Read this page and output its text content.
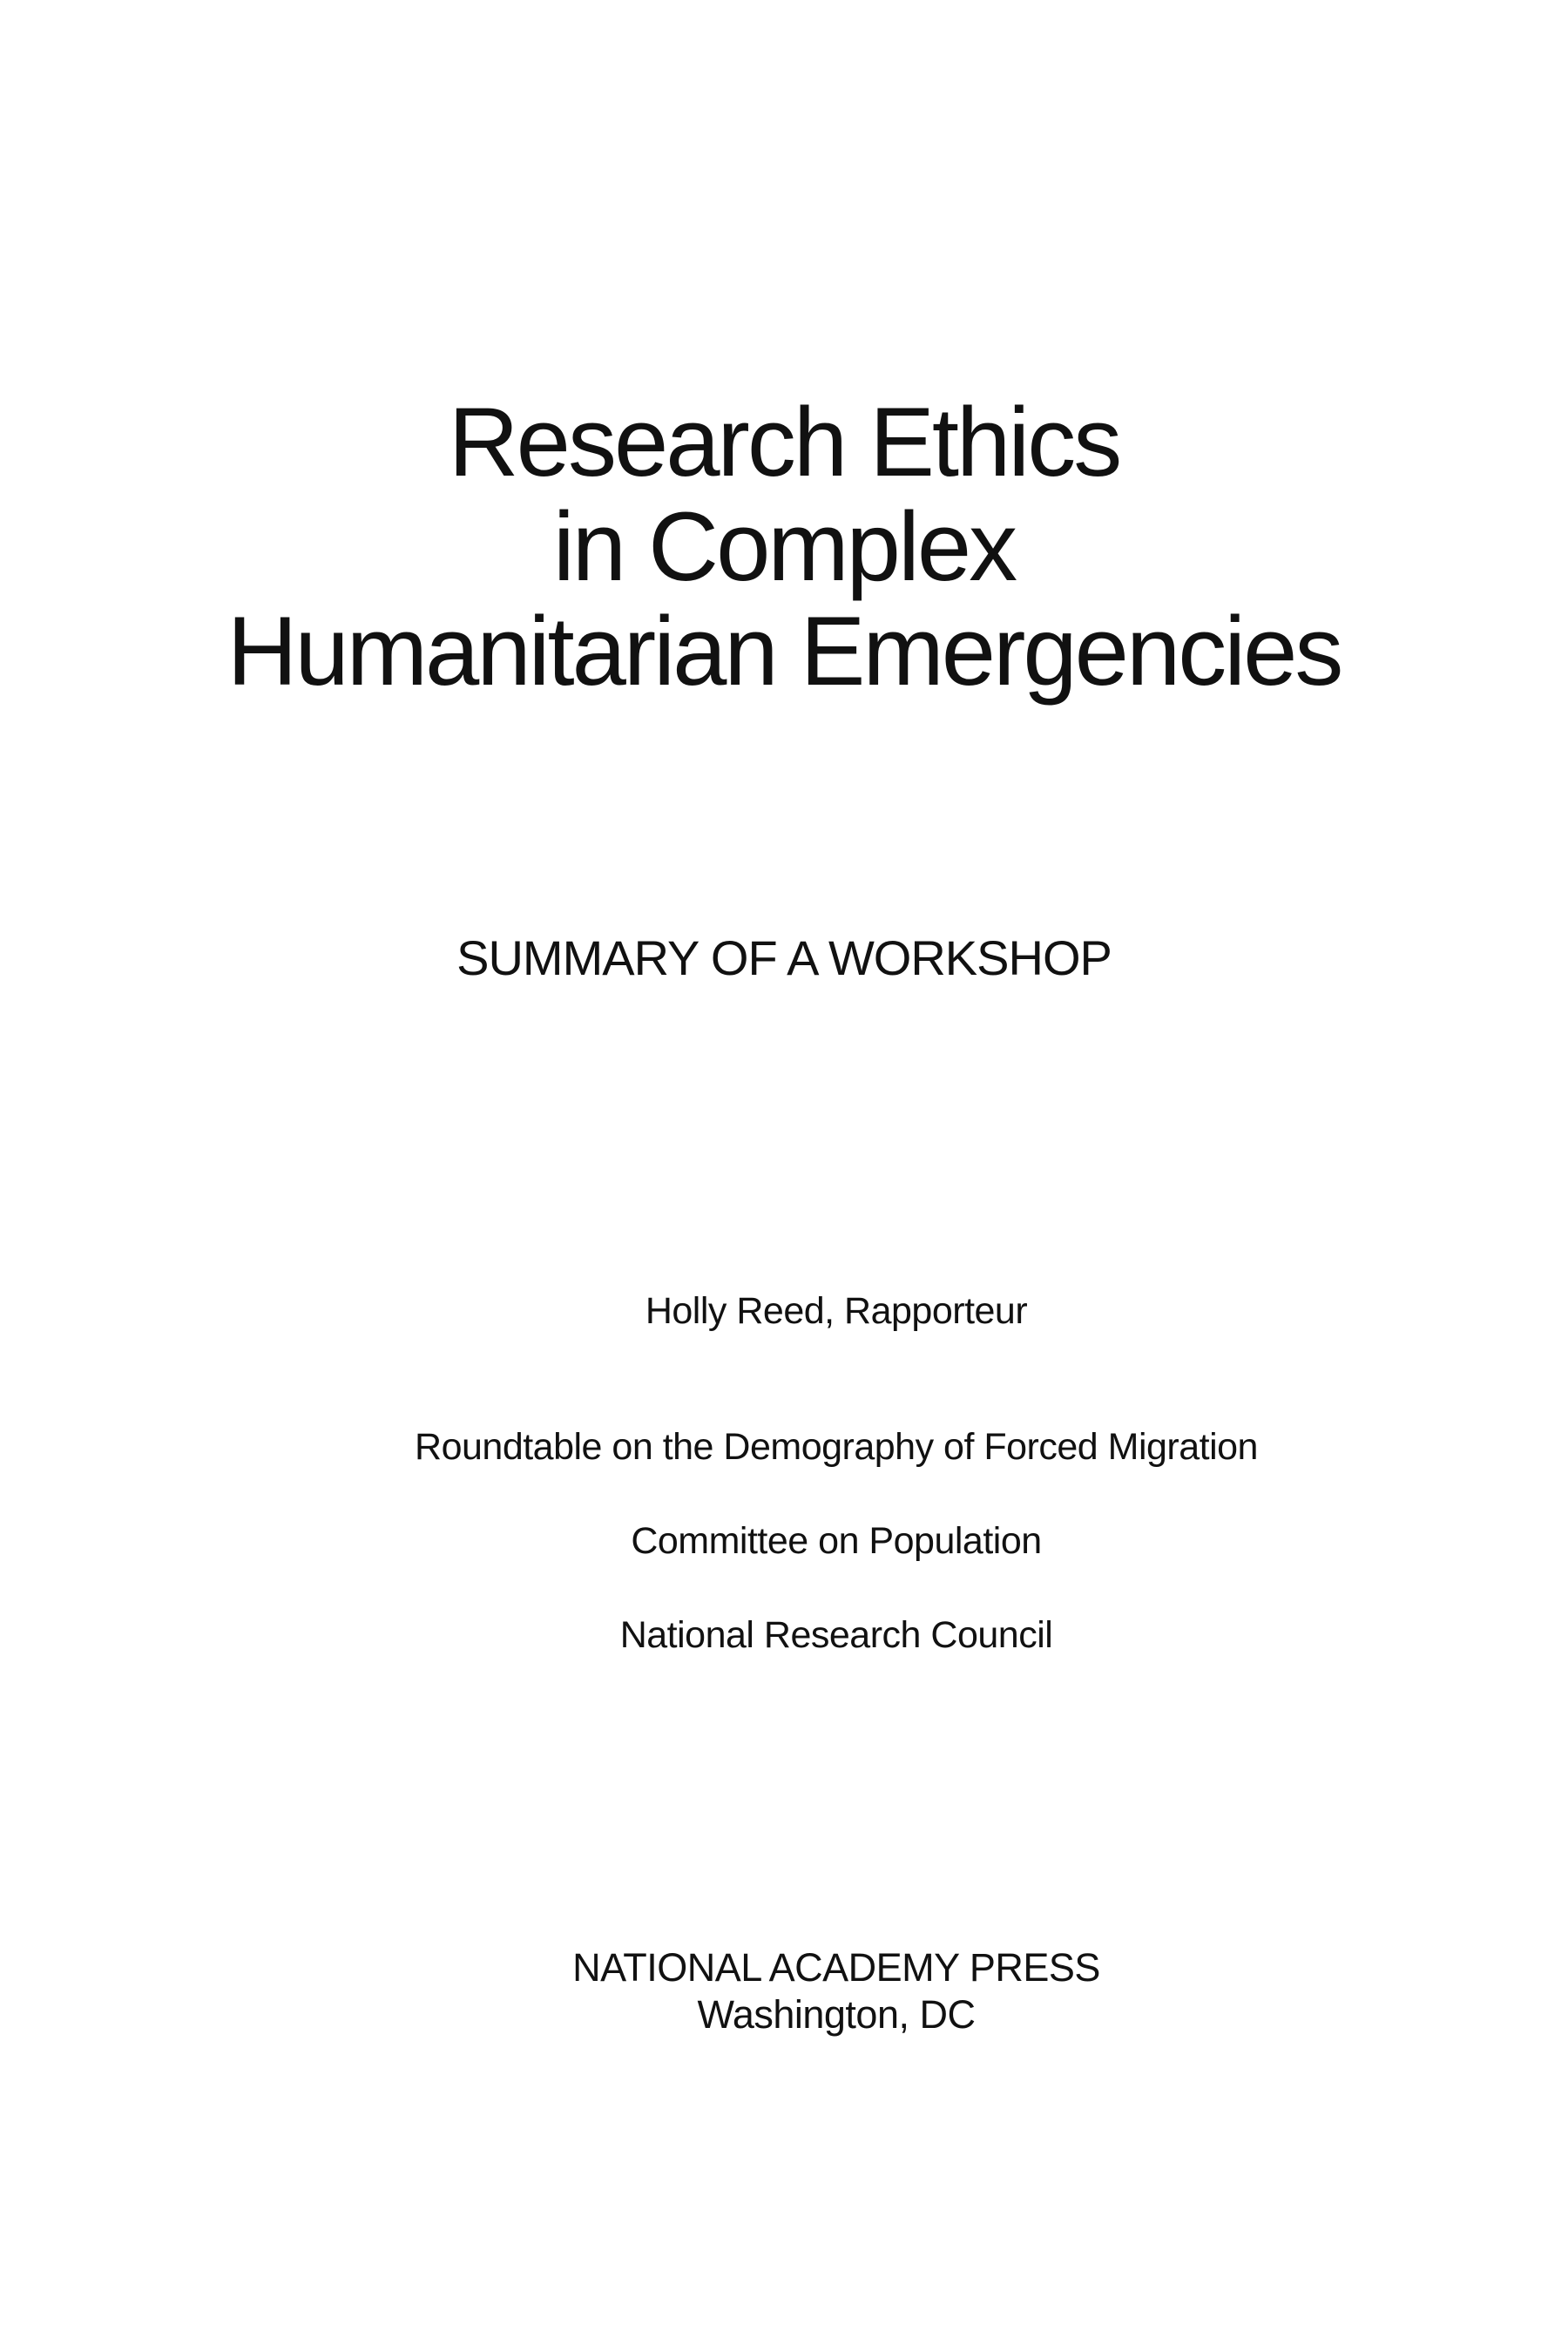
Research Ethics
in Complex
Humanitarian Emergencies
SUMMARY OF A WORKSHOP
Holly Reed, Rapporteur
Roundtable on the Demography of Forced Migration
Committee on Population
National Research Council
NATIONAL ACADEMY PRESS
Washington, DC
